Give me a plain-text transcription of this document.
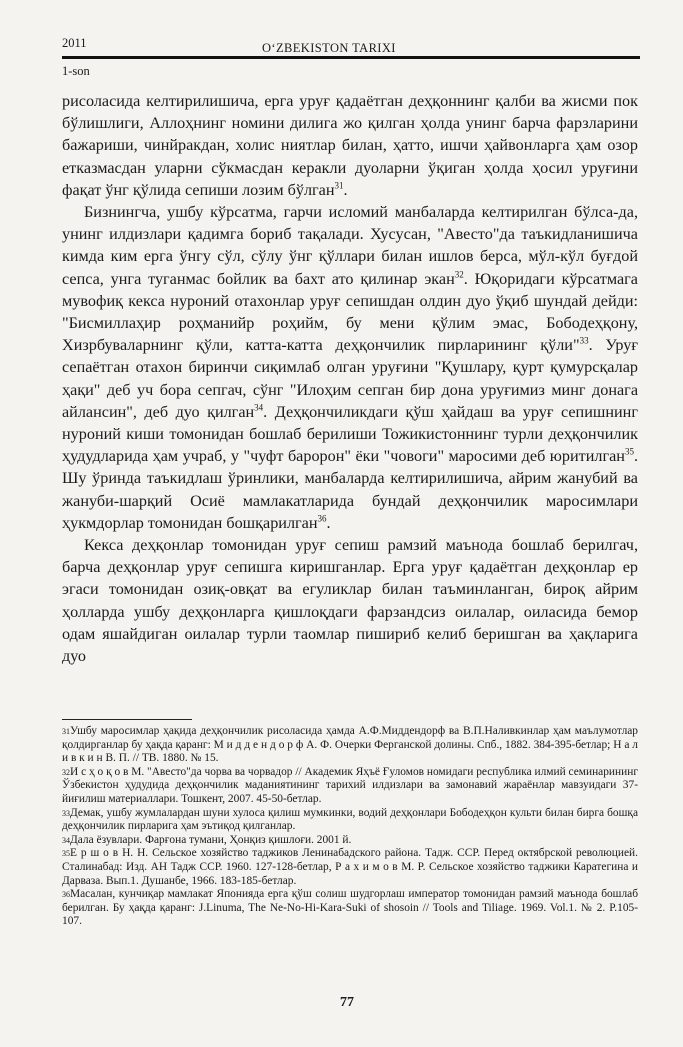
2011	O‘ZBEKISTON TARIXI
1-son

рисоласида келтирилишича, ерга уруғ қадаётган деҳқоннинг қалби ва жисми пок бўлишлиги, Аллоҳнинг номини дилига жо қилган ҳолда унинг барча фарзларини бажариши, чинйракдан, холис ниятлар билан, ҳатто, ишчи ҳайвонларга ҳам озор етказмасдан уларни сўкмасдан керакли дуоларни ўқиган ҳолда ҳосил уруғини фақат ўнг қўлида сепиши лозим бўлган$^{31}$.

Бизнингча, ушбу кўрсатма, гарчи исломий манбаларда келтирилган бўлса-да, унинг илдизлари қадимга бориб тақалади. Хусусан, "Авесто"да таъкидланишича кимда ким ерга ўнгу сўл, сўлу ўнг қўллари билан ишлов берса, мўл-кўл буғдой сепса, унга туганмас бойлик ва бахт ато қилинар экан$^{32}$. Юқоридаги кўрсатмага мувофиқ кекса нуроний отахонлар уруғ сепишдан олдин дуо ўқиб шундай дейди: "Бисмиллаҳир роҳманийр роҳийм, бу мени қўлим эмас, Бободеҳқону, Хизрбуваларнинг қўли, катта-катта деҳқончилик пирларининг қўли"$^{33}$. Уруғ сепаётган отахон биринчи сиқимлаб олган уруғини "Қушлару, қурт қумурсқалар ҳақи" деб уч бора сепгач, сўнг "Илоҳим сепган бир дона уруғимиз минг донага айлансин", деб дуо қилган$^{34}$. Деҳқончиликдаги қўш ҳайдаш ва уруғ сепишнинг нуроний киши томонидан бошлаб берилиши Тожикистоннинг турли деҳқончилик ҳудудларида ҳам учраб, у "чуфт бaророн" ёки "човоги" маросими деб юритилган$^{35}$. Шу ўринда таъкидлаш ўринлики, манбаларда келтирилишича, айрим жанубий ва жануби-шарқий Осиё мамлакатларида бундай деҳқончилик маросимлари ҳукмдорлар томонидан бошқарилган$^{36}$.

Кекса деҳқонлар томонидан уруғ сепиш рамзий маънода бошлаб берилгач, барча деҳқонлар уруғ сепишга киришганлар. Ерга уруғ қадаётган деҳқонлар ер эгаси томонидан озиқ-овқат ва егуликлар билан таъминланган, бироқ айрим ҳолларда ушбу деҳқонларга қишлоқдаги фарзандсиз оилалар, оиласида бемор одам яшайдиган оилалар турли таомлар пишириб келиб беришган ва ҳақларига дуо

$^{31}$Ушбу маросимлар ҳақида деҳқончилик рисоласида ҳамда А.Ф.Миддендорф ва В.П.Наливкинлар ҳам маълумотлар қолдирганлар бу ҳақда қаранг: М и д д е н д о р ф А. Ф. Очерки Ферганской долины. Спб., 1882. 384-395-бетлар; Н а л и в к и н В. П. // ТВ. 1880. № 15.

$^{32}$И с ҳ о қ о в М. "Авесто"да чорва ва чорвадор // Академик Яҳъё Ғуломов номидаги республика илмий семинарининг Ўзбекистон ҳудудида деҳқончилик маданиятининг тарихий илдизлари ва замонавий жараёнлар мавзуидаги 37-йиғилиш материаллари. Тошкент, 2007. 45-50-бетлар.

$^{33}$Демак, ушбу жумлалардан шуни хулоса қилиш мумкинки, водий деҳқонлари Бободеҳқон культи билан бирга бошқа деҳқончилик пирларига ҳам эътиқод қилганлар.

$^{34}$Дала ёзувлари. Фарғона тумани, Ҳонқиз қишлоғи. 2001 й.

$^{35}$Е р ш о в Н. Н. Сельское хозяйство таджиков Ленинабадского района. Тадж. ССР. Перед октябрской революцией. Сталинабад: Изд. АН Тадж ССР. 1960. 127-128-бетлар, Р а х и м о в М. Р. Сельское хозяйство таджики Каратегина и Дарваза. Вып.1. Душанбе, 1966. 183-185-бетлар.

$^{36}$Масалан, кунчиқар мамлакат Японияда ерга қўш солиш шудгорлаш император томонидан рамзий маънода бошлаб берилган. Бу ҳақда қаранг: J.Linuma, The Ne-No-Hi-Kara-Suki of shosoin // Tools and Tiliage. 1969. Vol.1. № 2. P.105-107.

77
